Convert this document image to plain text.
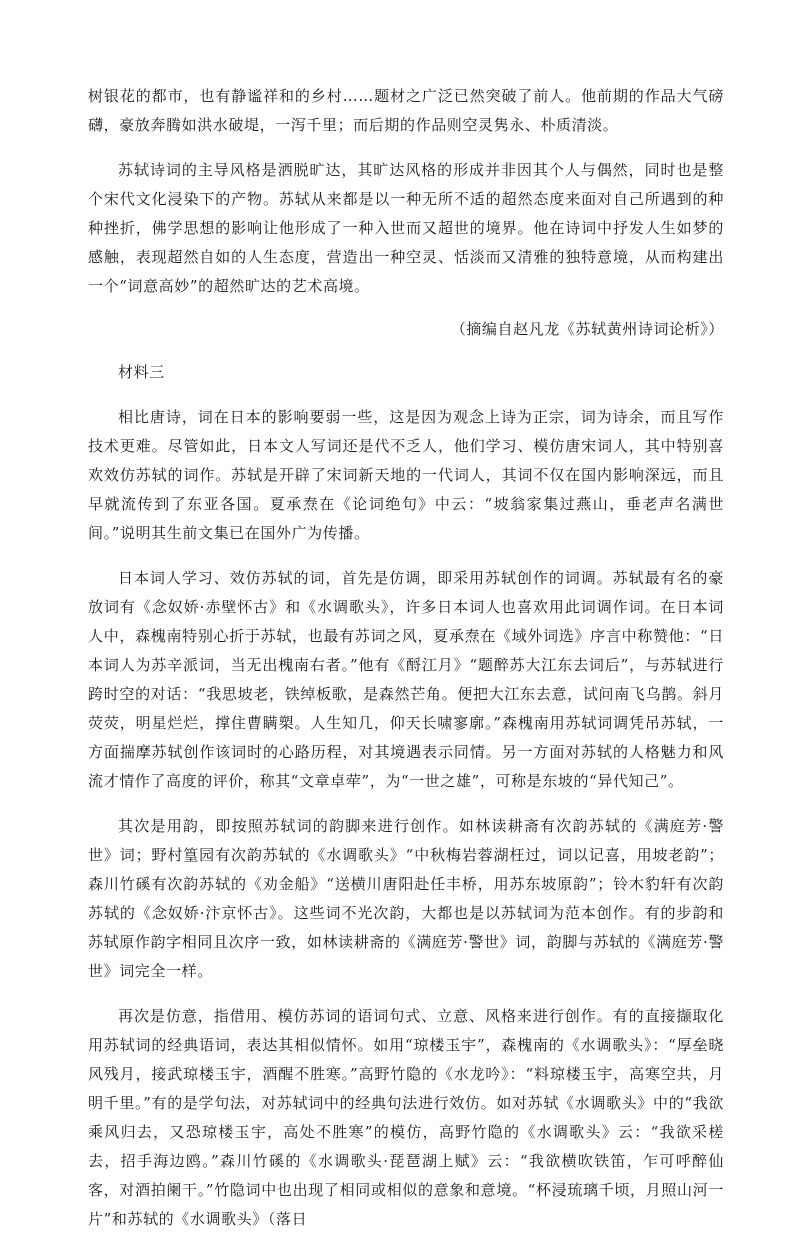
树银花的都市，也有静谧祥和的乡村……题材之广泛已然突破了前人。他前期的作品大气磅礴，豪放奔腾如洪水破堤，一泻千里；而后期的作品则空灵隽永、朴质清淡。

苏轼诗词的主导风格是洒脱旷达，其旷达风格的形成并非因其个人与偶然，同时也是整个宋代文化浸染下的产物。苏轼从来都是以一种无所不适的超然态度来面对自己所遇到的种种挫折，佛学思想的影响让他形成了一种入世而又超世的境界。他在诗词中抒发人生如梦的感触，表现超然自如的人生态度，营造出一种空灵、恬淡而又清雅的独特意境，从而构建出一个“词意高妙”的超然旷达的艺术高境。

（摘编自赵凡龙《苏轼黄州诗词论析》）

材料三

相比唐诗，词在日本的影响要弱一些，这是因为观念上诗为正宗，词为诗余，而且写作技术更难。尽管如此，日本文人写词还是代不乏人，他们学习、模仿唐宋词人，其中特别喜欢效仿苏轼的词作。苏轼是开辟了宋词新天地的一代词人，其词不仅在国内影响深远，而且早就流传到了东亚各国。夏承焘在《论词绝句》中云：“坡翁家集过燕山，垂老声名满世间。”说明其生前文集已在国外广为传播。

日本词人学习、效仿苏轼的词，首先是仿调，即采用苏轼创作的词调。苏轼最有名的豪放词有《念奴娇·赤壁怀古》和《水调歌头》，许多日本词人也喜欢用此词调作词。在日本词人中，森槐南特别心折于苏轼，也最有苏词之风，夏承焘在《域外词选》序言中称赞他：“日本词人为苏辛派词，当无出槐南右者。”他有《酹江月》“题醉苏大江东去词后”，与苏轼进行跨时空的对话：“我思坡老，铁绰板歌，是森然芒角。便把大江东去意，试问南飞乌鹊。斜月荧荧，明星烂烂，撑住曹瞒槊。人生知几，仰天长啸寥廓。”森槐南用苏轼词调凭吊苏轼，一方面揣摩苏轼创作该词时的心路历程，对其境遇表示同情。另一方面对苏轼的人格魅力和风流才情作了高度的评价，称其“文章卓荦”，为“一世之雄”，可称是东坡的“异代知己”。

其次是用韵，即按照苏轼词的韵脚来进行创作。如林读耕斋有次韵苏轼的《满庭芳·警世》词；野村篁园有次韵苏轼的《水调歌头》“中秋梅岩蓉湖枉过，词以记喜，用坡老韵”；森川竹磎有次韵苏轼的《劝金船》“送横川唐阳赴任丰桥，用苏东坡原韵”；铃木豹轩有次韵苏轼的《念奴娇·汴京怀古》。这些词不光次韵，大都也是以苏轼词为范本创作。有的步韵和苏轼原作韵字相同且次序一致，如林读耕斋的《满庭芳·警世》词，韵脚与苏轼的《满庭芳·警世》词完全一样。

再次是仿意，指借用、模仿苏词的语词句式、立意、风格来进行创作。有的直接撷取化用苏轼词的经典语词，表达其相似情怀。如用“琼楼玉宇”，森槐南的《水调歌头》：“厚垒晓风残月，接武琼楼玉宇，酒醒不胜寒。”高野竹隐的《水龙吟》：“料琼楼玉宇，高寒空共，月明千里。”有的是学句法，对苏轼词中的经典句法进行效仿。如对苏轼《水调歌头》中的“我欲乘风归去，又恐琼楼玉宇，高处不胜寒”的模仿，高野竹隐的《水调歌头》云：“我欲采槎去，招手海边鸥。”森川竹磎的《水调歌头·琵琶湖上赋》云：“我欲横吹铁笛，乍可呼醉仙客，对酒拍阑干。”竹隐词中也出现了相同或相似的意象和意境。“杯浸琉璃千顷，月照山河一片”和苏轼的《水调歌头》（落日
